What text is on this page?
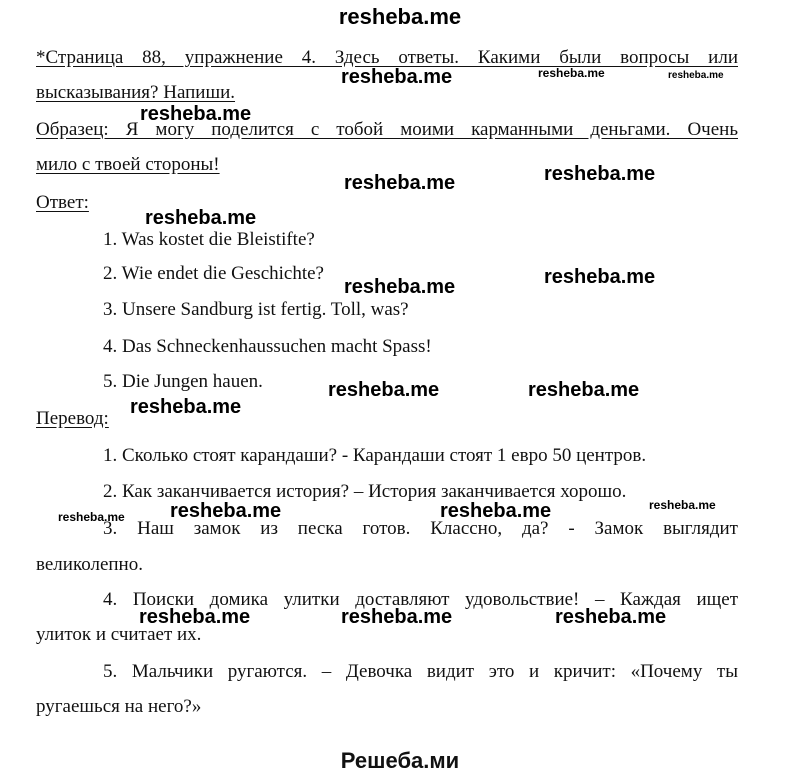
resheba.me
*Страница 88, упражнение 4. Здесь ответы. Какими были вопросы или
высказывания? Напиши.
Образец: Я могу поделится с тобой моими карманными деньгами. Очень
мило с твоей стороны!
Ответ:
1. Was kostet die Bleistifte?
2. Wie endet die Geschichte?
3. Unsere Sandburg ist fertig. Toll, was?
4. Das Schneckenhaussuchen macht Spass!
5. Die Jungen hauen.
Перевод:
1. Сколько стоят карандаши? - Карандаши стоят 1 евро 50 центров.
2. Как заканчивается история? – История заканчивается хорошо.
3. Наш замок из песка готов. Классно, да? - Замок выглядит
великолепно.
4. Поиски домика улитки доставляют удовольствие! – Каждая ищет
улиток и считает их.
5. Мальчики ругаются. – Девочка видит это и кричит: «Почему ты
ругаешься на него?»
resheba.me	resheba.me	resheba.me
resheba.me
resheba.me	resheba.me
resheba.me
resheba.me	resheba.me
resheba.me	resheba.me
resheba.me
resheba.me resheba.me	resheba.me	resheba.me
resheba.me	resheba.me	resheba.me
Решеба.ми
